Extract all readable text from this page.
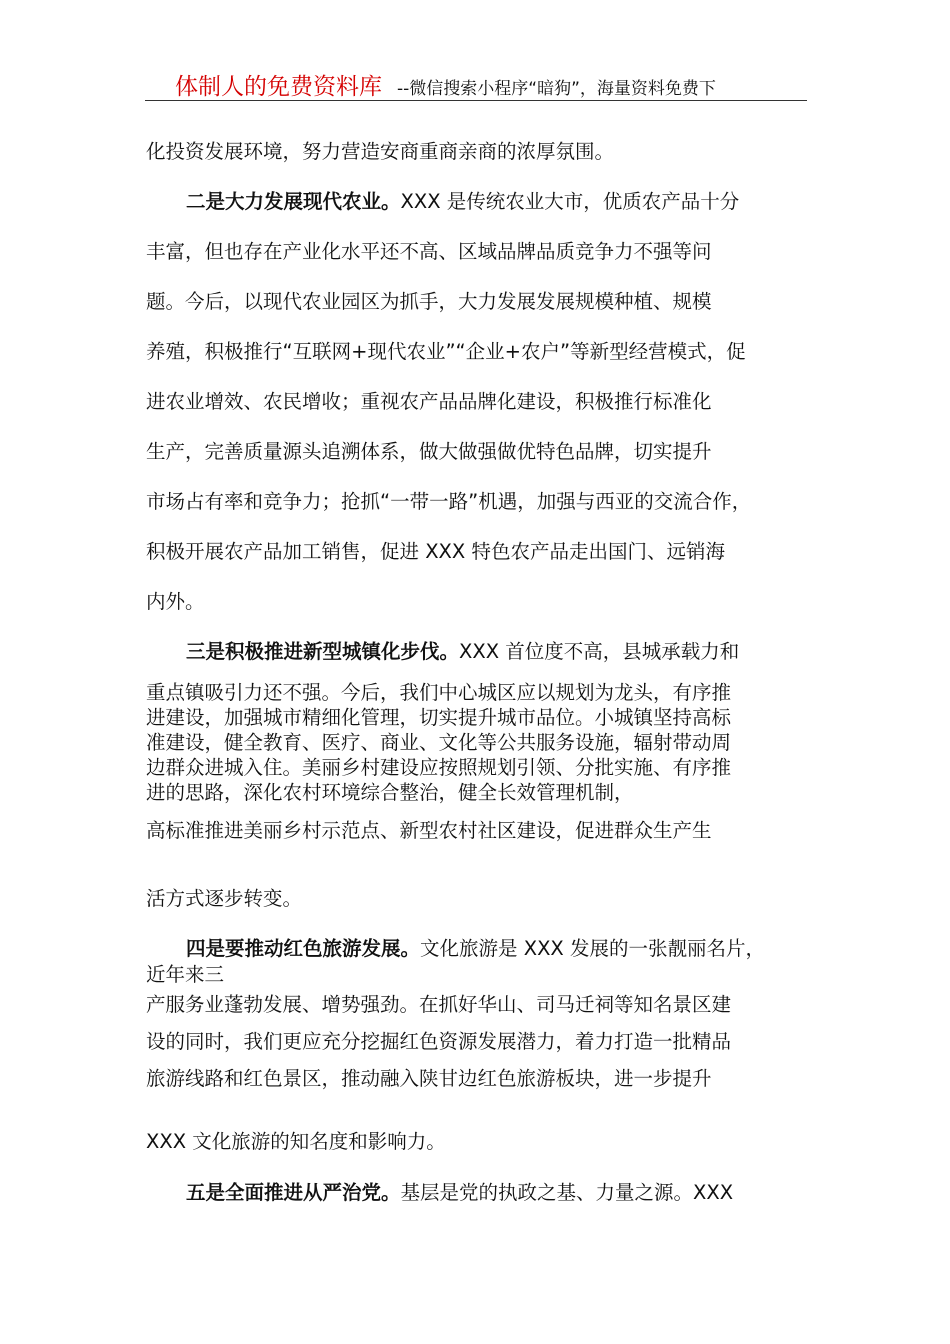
体制人的免费资料库 --微信搜索小程序“暗狗”，海量资料免费下
化投资发展环境，努力营造安商重商亲商的浓厚氛围。
二是大力发展现代农业。XXX 是传统农业大市，优质农产品十分
丰富，但也存在产业化水平还不高、区域品牌品质竞争力不强等问
题。今后，以现代农业园区为抓手，大力发展发展规模种植、规模
养殖，积极推行“互联网+现代农业”“企业+农户”等新型经营模式，促
进农业增效、农民增收；重视农产品品牌化建设，积极推行标准化
生产，完善质量源头追溯体系，做大做强做优特色品牌，切实提升
市场占有率和竞争力；抢抓“一带一路”机遇，加强与西亚的交流合作，
积极开展农产品加工销售，促进 XXX 特色农产品走出国门、远销海
内外。
三是积极推进新型城镇化步伐。XXX 首位度不高，县城承载力和
重点镇吸引力还不强。今后，我们中心城区应以规划为龙头，有序推
进建设，加强城市精细化管理，切实提升城市品位。小城镇坚持高标
准建设，健全教育、医疗、商业、文化等公共服务设施，辐射带动周
边群众进城入住。美丽乡村建设应按照规划引领、分批实施、有序推
进的思路，深化农村环境综合整治，健全长效管理机制，
高标准推进美丽乡村示范点、新型农村社区建设，促进群众生产生
活方式逐步转变。
四是要推动红色旅游发展。文化旅游是 XXX 发展的一张靓丽名片，
近年来三
产服务业蓬勃发展、增势强劲。在抓好华山、司马迁祠等知名景区建
设的同时，我们更应充分挖掘红色资源发展潜力，着力打造一批精品
旅游线路和红色景区，推动融入陕甘边红色旅游板块，进一步提升
XXX 文化旅游的知名度和影响力。
五是全面推进从严治党。基层是党的执政之基、力量之源。XXX
